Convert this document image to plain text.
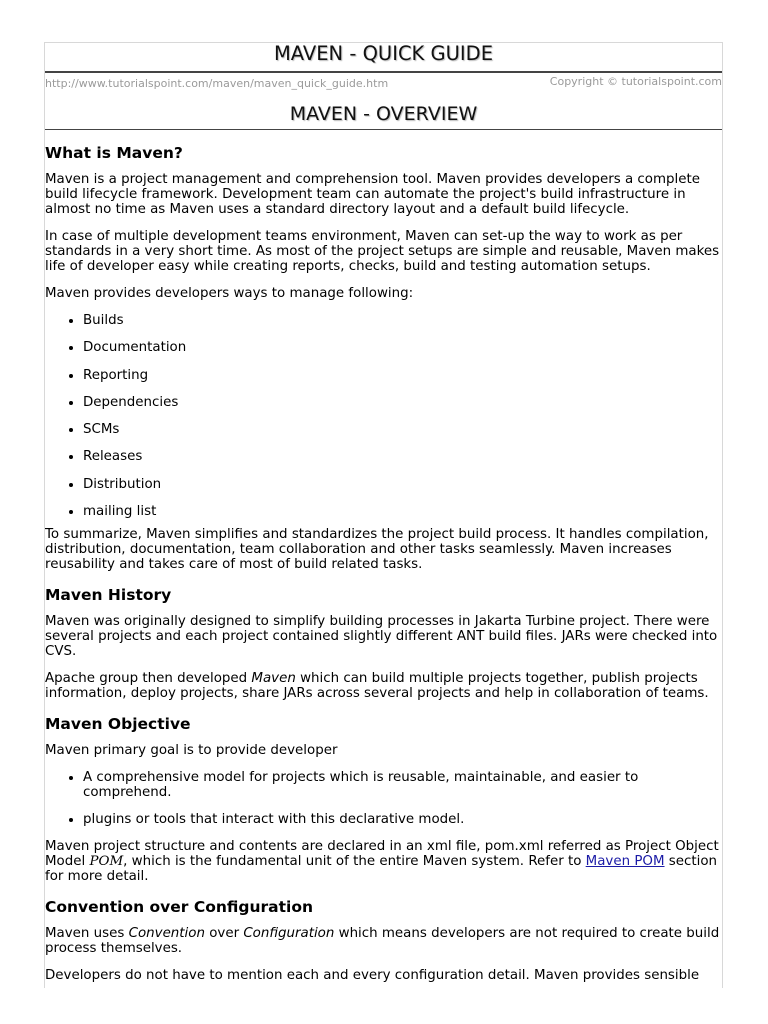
MAVEN - QUICK GUIDE
http://www.tutorialspoint.com/maven/maven_quick_guide.htm	Copyright © tutorialspoint.com
MAVEN - OVERVIEW
What is Maven?

Maven is a project management and comprehension tool. Maven provides developers a complete build lifecycle framework. Development team can automate the project's build infrastructure in almost no time as Maven uses a standard directory layout and a default build lifecycle.

In case of multiple development teams environment, Maven can set-up the way to work as per standards in a very short time. As most of the project setups are simple and reusable, Maven makes life of developer easy while creating reports, checks, build and testing automation setups.

Maven provides developers ways to manage following:

Builds
Documentation
Reporting
Dependencies
SCMs
Releases
Distribution
mailing list

To summarize, Maven simplifies and standardizes the project build process. It handles compilation, distribution, documentation, team collaboration and other tasks seamlessly. Maven increases reusability and takes care of most of build related tasks.

Maven History

Maven was originally designed to simplify building processes in Jakarta Turbine project. There were several projects and each project contained slightly different ANT build files. JARs were checked into CVS.

Apache group then developed Maven which can build multiple projects together, publish projects information, deploy projects, share JARs across several projects and help in collaboration of teams.

Maven Objective

Maven primary goal is to provide developer

A comprehensive model for projects which is reusable, maintainable, and easier to comprehend.
plugins or tools that interact with this declarative model.

Maven project structure and contents are declared in an xml file, pom.xml referred as Project Object Model POM, which is the fundamental unit of the entire Maven system. Refer to Maven POM section for more detail.

Convention over Configuration

Maven uses Convention over Configuration which means developers are not required to create build process themselves.

Developers do not have to mention each and every configuration detail. Maven provides sensible
